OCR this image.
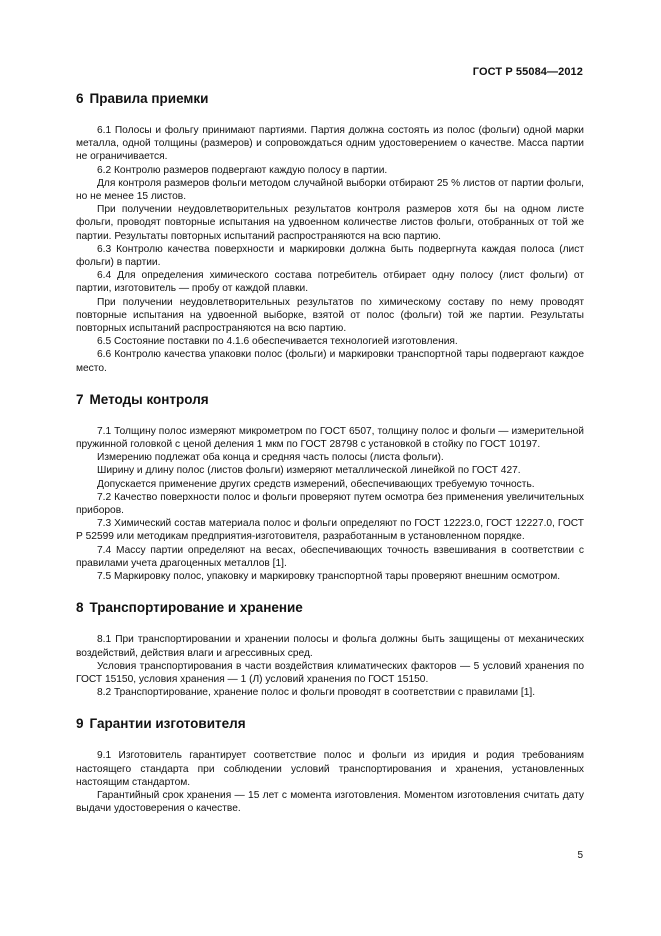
ГОСТ Р 55084—2012
6 Правила приемки

6.1 Полосы и фольгу принимают партиями. Партия должна состоять из полос (фольги) одной марки металла, одной толщины (размеров) и сопровождаться одним удостоверением о качестве. Масса партии не ограничивается.

6.2 Контролю размеров подвергают каждую полосу в партии.

Для контроля размеров фольги методом случайной выборки отбирают 25 % листов от партии фольги, но не менее 15 листов.

При получении неудовлетворительных результатов контроля размеров хотя бы на одном листе фольги, проводят повторные испытания на удвоенном количестве листов фольги, отобранных от той же партии. Результаты повторных испытаний распространяются на всю партию.

6.3 Контролю качества поверхности и маркировки должна быть подвергнута каждая полоса (лист фольги) в партии.

6.4 Для определения химического состава потребитель отбирает одну полосу (лист фольги) от партии, изготовитель — пробу от каждой плавки.

При получении неудовлетворительных результатов по химическому составу по нему проводят повторные испытания на удвоенной выборке, взятой от полос (фольги) той же партии. Результаты повторных испытаний распространяются на всю партию.

6.5 Состояние поставки по 4.1.6 обеспечивается технологией изготовления.

6.6 Контролю качества упаковки полос (фольги) и маркировки транспортной тары подвергают каждое место.

7 Методы контроля

7.1 Толщину полос измеряют микрометром по ГОСТ 6507, толщину полос и фольги — измерительной пружинной головкой с ценой деления 1 мкм по ГОСТ 28798 с установкой в стойку по ГОСТ 10197.

Измерению подлежат оба конца и средняя часть полосы (листа фольги).

Ширину и длину полос (листов фольги) измеряют металлической линейкой по ГОСТ 427.

Допускается применение других средств измерений, обеспечивающих требуемую точность.

7.2 Качество поверхности полос и фольги проверяют путем осмотра без применения увеличительных приборов.

7.3 Химический состав материала полос и фольги определяют по ГОСТ 12223.0, ГОСТ 12227.0, ГОСТ Р 52599 или методикам предприятия-изготовителя, разработанным в установленном порядке.

7.4 Массу партии определяют на весах, обеспечивающих точность взвешивания в соответствии с правилами учета драгоценных металлов [1].

7.5 Маркировку полос, упаковку и маркировку транспортной тары проверяют внешним осмотром.

8 Транспортирование и хранение

8.1 При транспортировании и хранении полосы и фольга должны быть защищены от механических воздействий, действия влаги и агрессивных сред.

Условия транспортирования в части воздействия климатических факторов — 5 условий хранения по ГОСТ 15150, условия хранения — 1 (Л) условий хранения по ГОСТ 15150.

8.2 Транспортирование, хранение полос и фольги проводят в соответствии с правилами [1].

9 Гарантии изготовителя

9.1 Изготовитель гарантирует соответствие полос и фольги из иридия и родия требованиям настоящего стандарта при соблюдении условий транспортирования и хранения, установленных настоящим стандартом.

Гарантийный срок хранения — 15 лет с момента изготовления. Моментом изготовления считать дату выдачи удостоверения о качестве.

5
